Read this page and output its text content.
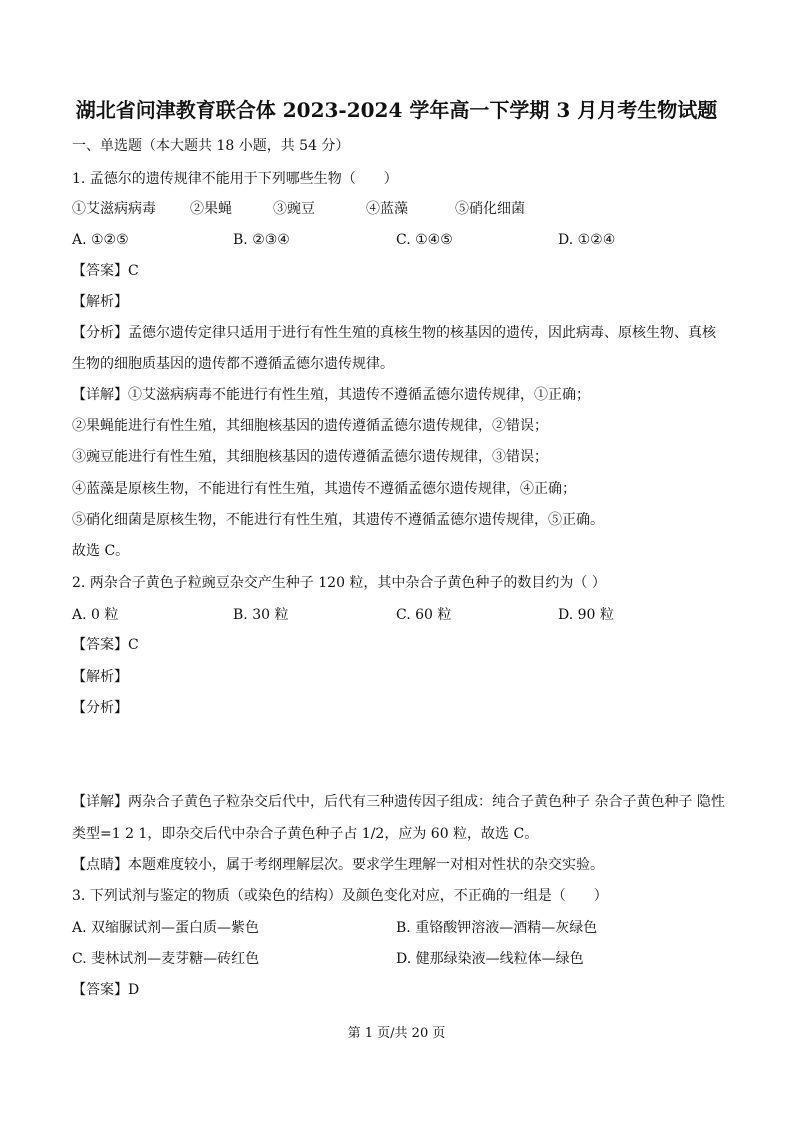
湖北省问津教育联合体 2023-2024 学年高一下学期 3 月月考生物试题
一、单选题（本大题共 18 小题，共 54 分）
1. 孟德尔的遗传规律不能用于下列哪些生物（　　）
①艾滋病病毒 ②果蝇	③豌豆	④蓝藻	⑤硝化细菌
A. ①②⑤	B. ②③④	C. ①④⑤	D. ①②④
【答案】C
【解析】
【分析】孟德尔遗传定律只适用于进行有性生殖的真核生物的核基因的遗传，因此病毒、原核生物、真核
生物的细胞质基因的遗传都不遵循孟德尔遗传规律。
【详解】①艾滋病病毒不能进行有性生殖，其遗传不遵循孟德尔遗传规律，①正确；
②果蝇能进行有性生殖，其细胞核基因的遗传遵循孟德尔遗传规律，②错误；
③豌豆能进行有性生殖，其细胞核基因的遗传遵循孟德尔遗传规律，③错误；
④蓝藻是原核生物，不能进行有性生殖，其遗传不遵循孟德尔遗传规律，④正确；
⑤硝化细菌是原核生物，不能进行有性生殖，其遗传不遵循孟德尔遗传规律，⑤正确。
故选 C。
2. 两杂合子黄色子粒豌豆杂交产生种子 120 粒，其中杂合子黄色种子的数目约为（ ）
A. 0 粒	B. 30 粒	C. 60 粒	D. 90 粒
【答案】C
【解析】
【分析】
【详解】两杂合子黄色子粒杂交后代中，后代有三种遗传因子组成：纯合子黄色种子 杂合子黄色种子 隐性
类型=1 2 1，即杂交后代中杂合子黄色种子占 1/2，应为 60 粒，故选 C。
【点睛】本题难度较小，属于考纲理解层次。要求学生理解一对相对性状的杂交实验。
3. 下列试剂与鉴定的物质（或染色的结构）及颜色变化对应，不正确的一组是（　　）
A. 双缩脲试剂—蛋白质—紫色	B. 重铬酸钾溶液—酒精—灰绿色
C. 斐林试剂—麦芽糖—砖红色	D. 健那绿染液—线粒体—绿色
【答案】D
第 1 页/共 20 页
